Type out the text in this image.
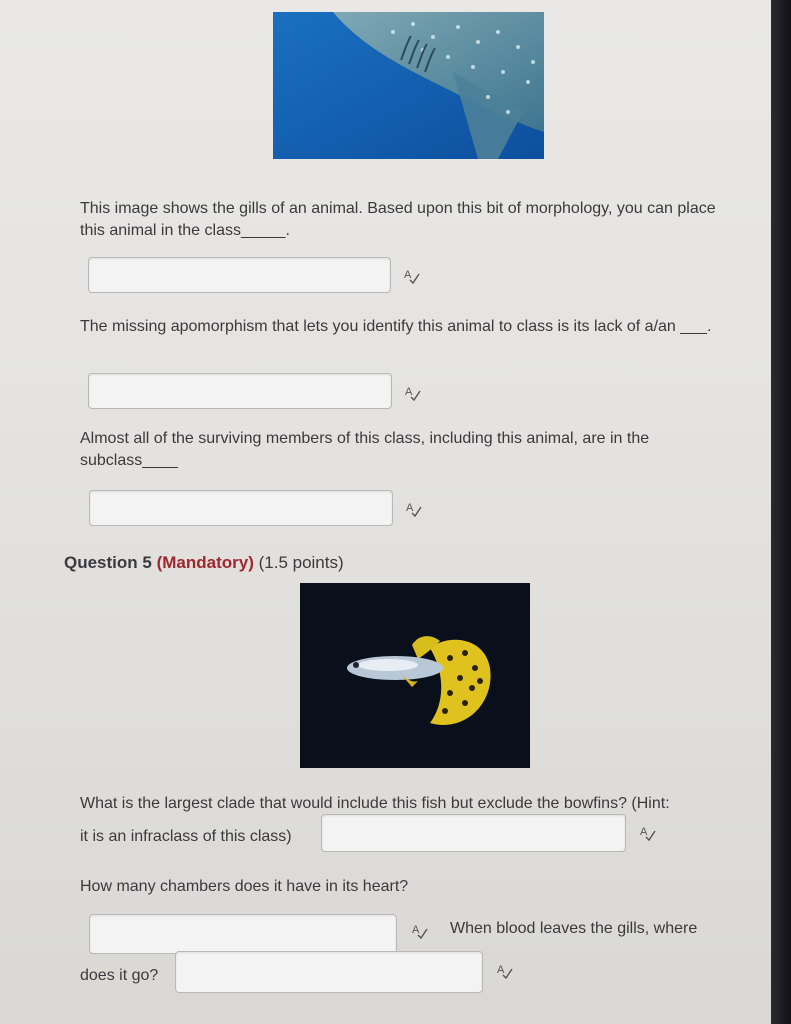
This image shows the gills of an animal. Based upon this bit of morphology, you can place this animal in the class_____.
A
The missing apomorphism that lets you identify this animal to class is its lack of a/an ___.
A
Almost all of the surviving members of this class, including this animal, are in the subclass____
A
Question 5 (Mandatory) (1.5 points)
What is the largest clade that would include this fish but exclude the bowfins? (Hint:
it is an infraclass of this class)	A
How many chambers does it have in its heart?
A When blood leaves the gills, where
does it go?	A
